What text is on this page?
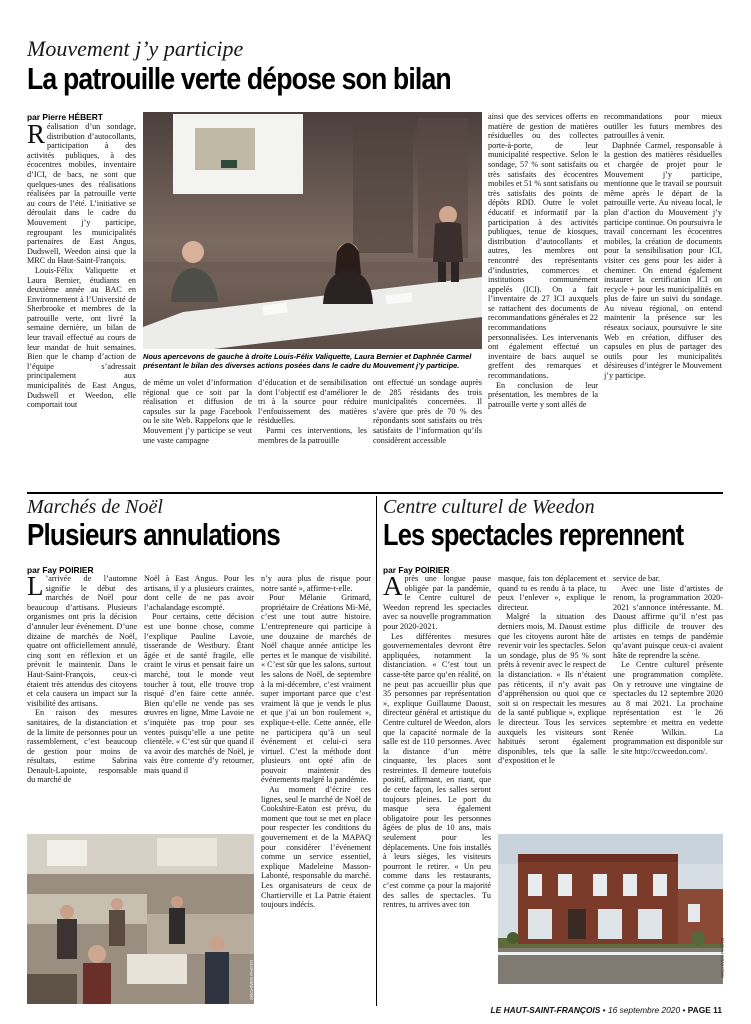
Mouvement j’y participe
La patrouille verte dépose son bilan
par Pierre HÉBERT

Réalisation d’un sondage, distribution d’autocollants, participation à des activités publiques, à des écocentres mobiles, inventaire d’ICI, de bacs, ne sont que quelques-unes des réalisations réalisées par la patrouille verte au cours de l’été. L’initiative se déroulait dans le cadre du Mouvement j’y participe, regroupant les municipalités partenaires de East Angus, Dudswell, Weedon ainsi que la MRC du Haut-Saint-François.

Louis-Félix Valiquette et Laura Bernier, étudiants en deuxième année au BAC en Environnement à l’Université de Sherbrooke et membres de la patrouille verte, ont livré la semaine dernière, un bilan de leur travail effectué au cours de leur mandat de huit semaines. Bien que le champ d’action de l’équipe s’adressait principalement aux municipalités de East Angus, Dudswell et Weedon, elle comportait tout

Nous apercevons de gauche à droite Louis-Félix Valiquette, Laura Bernier et Daphnée Carmel présentant le bilan des diverses actions posées dans le cadre du Mouvement j’y participe.

de même un volet d’information régional que ce soit par la réalisation et diffusion de capsules sur la page Facebook ou le site Web. Rappelons que le Mouvement j’y participe se veut une vaste campagne

d’éducation et de sensibilisation dont l’objectif est d’améliorer le tri à la source pour réduire l’enfouissement des matières résiduelles.

Parmi ces interventions, les membres de la patrouille

ont effectué un sondage auprès de 285 résidants des trois municipalités concernées. Il s’avère que près de 70 % des répondants sont satisfaits ou très satisfaits de l’information qu’ils considèrent accessible

ainsi que des services offerts en matière de gestion de matières résiduelles ou des collectes porte-à-porte, de leur municipalité respective. Selon le sondage, 57 % sont satisfaits ou très satisfaits des écocentres mobiles et 51 % sont satisfaits ou très satisfaits des points de dépôts RDD. Outre le volet éducatif et informatif par la participation à des activités publiques, tenue de kiosques, distribution d’autocollants et autres, les membres ont rencontré des représentants d’industries, commerces et institutions communément appelés (ICI). On a fait l’inventaire de 27 ICI auxquels se rattachent des documents de recommandations générales et 22 recommandations personnalisées. Les intervenants ont également effectué un inventaire de bacs auquel se greffent des remarques et recommandations.

En conclusion de leur présentation, les membres de la patrouille verte y sont allés de

recommandations pour mieux outiller les futurs membres des patrouilles à venir.

Daphnée Carmel, responsable à la gestion des matières résiduelles et chargée de projet pour le Mouvement j’y participe, mentionne que le travail se poursuit même après le départ de la patrouille verte. Au niveau local, le plan d’action du Mouvement j’y participe continue. On poursuivra le travail concernant les écocentres mobiles, la création de documents pour la sensibilisation pour ICI, visiter ces gens pour les aider à cheminer. On entend également instaurer la certification ICI on recycle + pour les municipalités en plus de faire un suivi du sondage. Au niveau régional, on entend maintenir la présence sur les réseaux sociaux, poursuivre le site Web en création, diffuser des capsules en plus de partager des outils pour les municipalités désireuses d’intégrer le Mouvement j’y participe.

Marchés de Noël
Plusieurs annulations
par Fay POIRIER

L ’arrivée de l’automne signifie le début des marchés de Noël pour beaucoup d’artisans. Plusieurs organismes ont pris la décision d’annuler leur événement. D’une dizaine de marchés de Noël, quatre ont officiellement annulé, cinq sont en réflexion et un prévoit le maintenir. Dans le Haut-Saint-François, ceux-ci étaient très attendus des citoyens et cela causera un impact sur la visibilité des artisans.

En raison des mesures sanitaires, de la distanciation et de la limite de personnes pour un rassemblement, c’est beaucoup de gestion pour moins de résultats, estime Sabrina Denault-Lapointe, responsable du marché de

Noël à East Angus. Pour les artisans, il y a plusieurs craintes, dont celle de ne pas avoir l’achalandage escompté.

Pour certains, cette décision est une bonne chose, comme l’explique Pauline Lavoie, tisserande de Westbury. Étant âgée et de santé fragile, elle craint le virus et pensait faire un marché, tout le monde veut toucher à tout, elle trouve trop risqué d’en faire cette année. Bien qu’elle ne vende pas ses œuvres en ligne, Mme Lavoie ne s’inquiète pas trop pour ses ventes puisqu’elle a une petite clientèle. « C’est sûr que quand il va avoir des marchés de Noël, je vais être contente d’y retourner, mais quand il

n’y aura plus de risque pour notre santé », affirme-t-elle.

Pour Mélanie Grimard, propriétaire de Créations Mi-Mé, c’est une tout autre histoire. L’entrepreneure qui participe à une douzaine de marchés de Noël chaque année anticipe les pertes et le manque de visibilité. « C’est sûr que les salons, surtout les salons de Noël, de septembre à la mi-décembre, c’est vraiment super important parce que c’est vraiment là que je vends le plus et que j’ai un bon roulement », explique-t-elle. Cette année, elle ne participera qu’à un seul événement et celui-ci sera virtuel. C’est la méthode dont plusieurs ont opté afin de pouvoir maintenir des événements malgré la pandémie.

Au moment d’écrire ces lignes, seul le marché de Noël de Cookshire-Eaton est prévu, du moment que tout se met en place pour respecter les conditions du gouvernement et de la MAPAQ pour considérer l’événement comme un service essentiel, explique Madeleine Masson-Labonté, responsable du marché. Les organisateurs de ceux de Chartierville et La Patrie étaient toujours indécis.

ARCHIVES PHOTO
Centre culturel de Weedon
Les spectacles reprennent
par Fay POIRIER

Après une longue pause obligée par la pandémie, le Centre culturel de Weedon reprend les spectacles avec sa nouvelle programmation pour 2020-2021.

Les différentes mesures gouvernementales devront être appliquées, notamment la distanciation. « C’est tout un casse-tête parce qu’en réalité, on ne peut pas accueillir plus que 35 personnes par représentation », explique Guillaume Daoust, directeur général et artistique du Centre culturel de Weedon, alors que la capacité normale de la salle est de 110 personnes. Avec la distance d’un mètre cinquante, les places sont restreintes. Il demeure toutefois positif, affirmant, en riant, que de cette façon, les salles seront toujours pleines. Le port du masque sera également obligatoire pour les personnes âgées de plus de 10 ans, mais seulement pour les déplacements. Une fois installés à leurs sièges, les visiteurs pourront le retirer. « Un peu comme dans les restaurants, c’est comme ça pour la majorité des salles de spectacles. Tu rentres, tu arrives avec ton

masque, fais ton déplacement et quand tu es rendu à ta place, tu peux l’enlever », explique le directeur.

Malgré la situation des derniers mois, M. Daoust estime que les citoyens auront hâte de revenir voir les spectacles. Selon un sondage, plus de 95 % sont prêts à revenir avec le respect de la distanciation. « Ils n’étaient pas réticents, il n’y avait pas d’appréhension ou quoi que ce soit si on respectait les mesures de la santé publique », explique le directeur. Tous les services auxquels les visiteurs sont habitués seront également disponibles, tels que la salle d’exposition et le

service de bar.

Avec une liste d’artistes de renom, la programmation 2020-2021 s’annonce intéressante. M. Daoust affirme qu’il n’est pas plus difficile de trouver des artistes en temps de pandémie qu’avant puisque ceux-ci avaient hâte de reprendre la scène.

Le Centre culturel présente une programmation complète. On y retrouve une vingtaine de spectacles du 12 septembre 2020 au 8 mai 2021. La prochaine représentation est le 26 septembre et mettra en vedette Renée Wilkin. La programmation est disponible sur le site http://ccweedon.com/.

ARCHIVES PHOTO
LE HAUT-SAINT-FRANÇOIS • 16 septembre 2020 • PAGE 11
